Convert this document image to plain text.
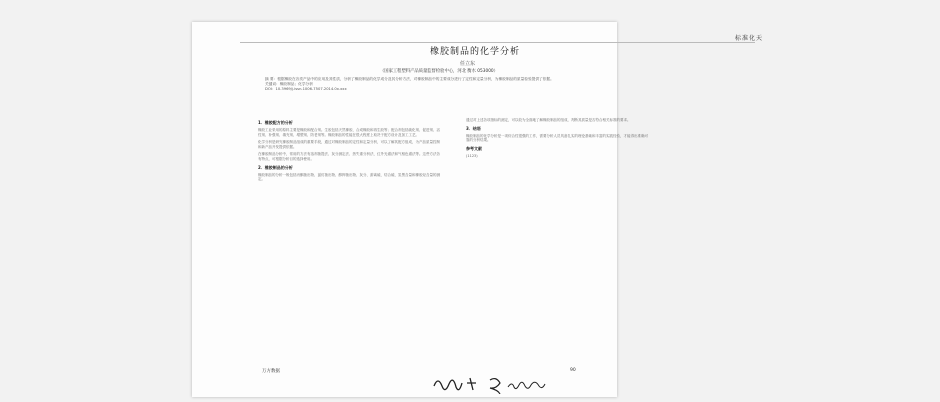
标准化天
橡胶制品的化学分析
任立东
（国家工程塑料产品质量监督检验中心，河北 衡水 053000）
摘 要：根据橡胶在各类产品中的应用及其性质，分析了橡胶制品的化学成分及其分析方法，对橡胶制品中的主要成分进行了定性和定量分析，为橡胶制品的质量检验提供了依据。
关键词：橡胶制品；化学分析
DOI：10.3969/j.issn.1006-7507.2014.0x.xxx
1．橡胶配方的分析
橡胶工业采用的原料主要是橡胶和配合剂。生胶包括天然橡胶、合成橡胶和再生胶等；配合剂包括硫化剂、促进剂、活性剂、补强剂、填充剂、增塑剂、防老剂等。橡胶制品的性能在很大程度上取决于配方设计及加工工艺。
化学分析是研究橡胶制品组成的重要手段，通过对橡胶制品的定性和定量分析，可以了解其配方组成，为产品质量控制和新产品开发提供依据。
在橡胶制品分析中，常用的方法有溶剂抽提法、灰分测定法、热失重分析法、红外光谱法和气相色谱法等。这些方法各有特点，可根据分析目的选择使用。
2．橡胶制品的分析
橡胶制品的分析一般包括丙酮抽出物、氯仿抽出物、醇钾抽出物、灰分、游离硫、结合硫、炭黑含量和橡胶烃含量的测定。
通过对上述各项指标的测定，可以较为全面地了解橡胶制品的组成，判断其质量是否符合相关标准的要求。
3．结语
橡胶制品的化学分析是一项综合性很强的工作，需要分析人员具备扎实的理论基础和丰富的实践经验，才能得出准确可靠的分析结果。
参考文献
(1123)
万方数据	90
